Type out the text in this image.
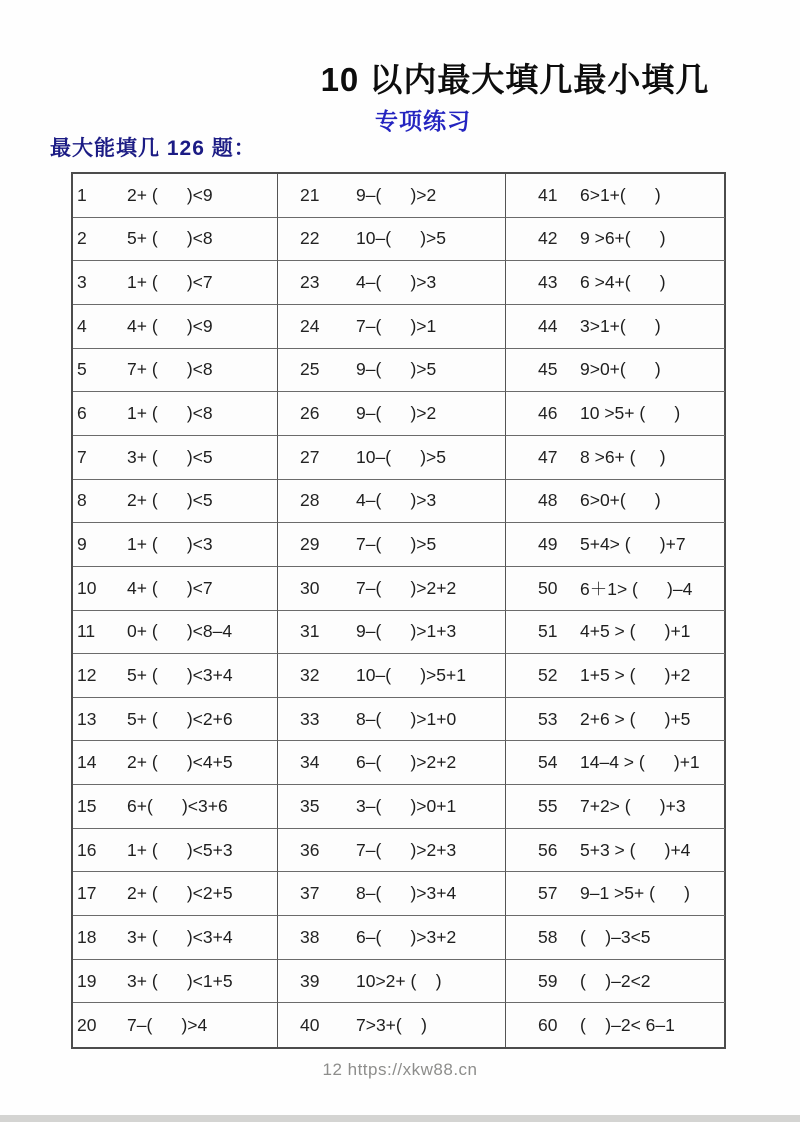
10 以内最大填几最小填几
专项练习
最大能填几 126 题：
1	2+ (      )<9	21	9–(      )>2	41	6>1+(      )
2	5+ (      )<8	22	10–(      )>5	42	9 >6+(      )
3	1+ (      )<7	23	4–(      )>3	43	6 >4+(      )
4	4+ (      )<9	24	7–(      )>1	44	3>1+(      )
5	7+ (      )<8	25	9–(      )>5	45	9>0+(      )
6	1+ (      )<8	26	9–(      )>2	46	10 >5+ (      )
7	3+ (      )<5	27	10–(      )>5	47	8 >6+ (     )
8	2+ (      )<5	28	4–(      )>3	48	6>0+(      )
9	1+ (      )<3	29	7–(      )>5	49	5+4> (      )+7
10	4+ (      )<7	30	7–(      )>2+2	50	6＋1> (      )–4
11	0+ (      )<8–4	31	9–(      )>1+3	51	4+5 > (      )+1
12	5+ (      )<3+4	32	10–(      )>5+1	52	1+5 > (      )+2
13	5+ (      )<2+6	33	8–(      )>1+0	53	2+6 > (      )+5
14	2+ (      )<4+5	34	6–(      )>2+2	54	14–4 > (      )+1
15	6+(      )<3+6	35	3–(      )>0+1	55	7+2> (      )+3
16	1+ (      )<5+3	36	7–(      )>2+3	56	5+3 > (      )+4
17	2+ (      )<2+5	37	8–(      )>3+4	57	9–1 >5+ (      )
18	3+ (      )<3+4	38	6–(      )>3+2	58	(    )–3<5
19	3+ (      )<1+5	39	10>2+ (    )	59	(    )–2<2
20	7–(      )>4	40	7>3+(    )	60	(    )–2< 6–1
12 https://xkw88.cn
